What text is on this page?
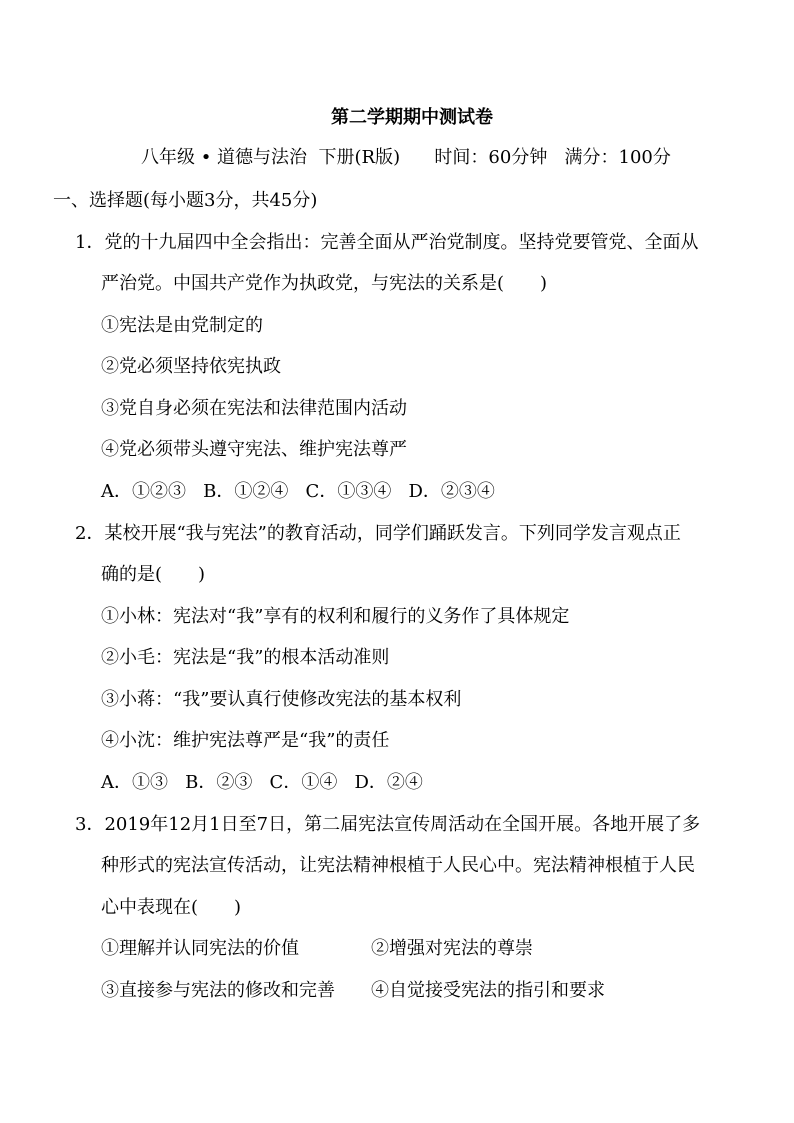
第二学期期中测试卷
八年级 • 道德与法治  下册(R版)      时间：60分钟   满分：100分
一、选择题(每小题3分，共45分)
1．党的十九届四中全会指出：完善全面从严治党制度。坚持党要管党、全面从
严治党。中国共产党作为执政党，与宪法的关系是(　　)
①宪法是由党制定的
②党必须坚持依宪执政
③党自身必须在宪法和法律范围内活动
④党必须带头遵守宪法、维护宪法尊严
A．①②③   B．①②④   C．①③④   D．②③④
2．某校开展“我与宪法”的教育活动，同学们踊跃发言。下列同学发言观点正
确的是(　　)
①小林：宪法对“我”享有的权利和履行的义务作了具体规定
②小毛：宪法是“我”的根本活动准则
③小蒋：“我”要认真行使修改宪法的基本权利
④小沈：维护宪法尊严是“我”的责任
A．①③   B．②③   C．①④   D．②④
3．2019年12月1日至7日，第二届宪法宣传周活动在全国开展。各地开展了多
种形式的宪法宣传活动，让宪法精神根植于人民心中。宪法精神根植于人民
心中表现在(　　)
①理解并认同宪法的价值	②增强对宪法的尊崇
③直接参与宪法的修改和完善 ④自觉接受宪法的指引和要求
